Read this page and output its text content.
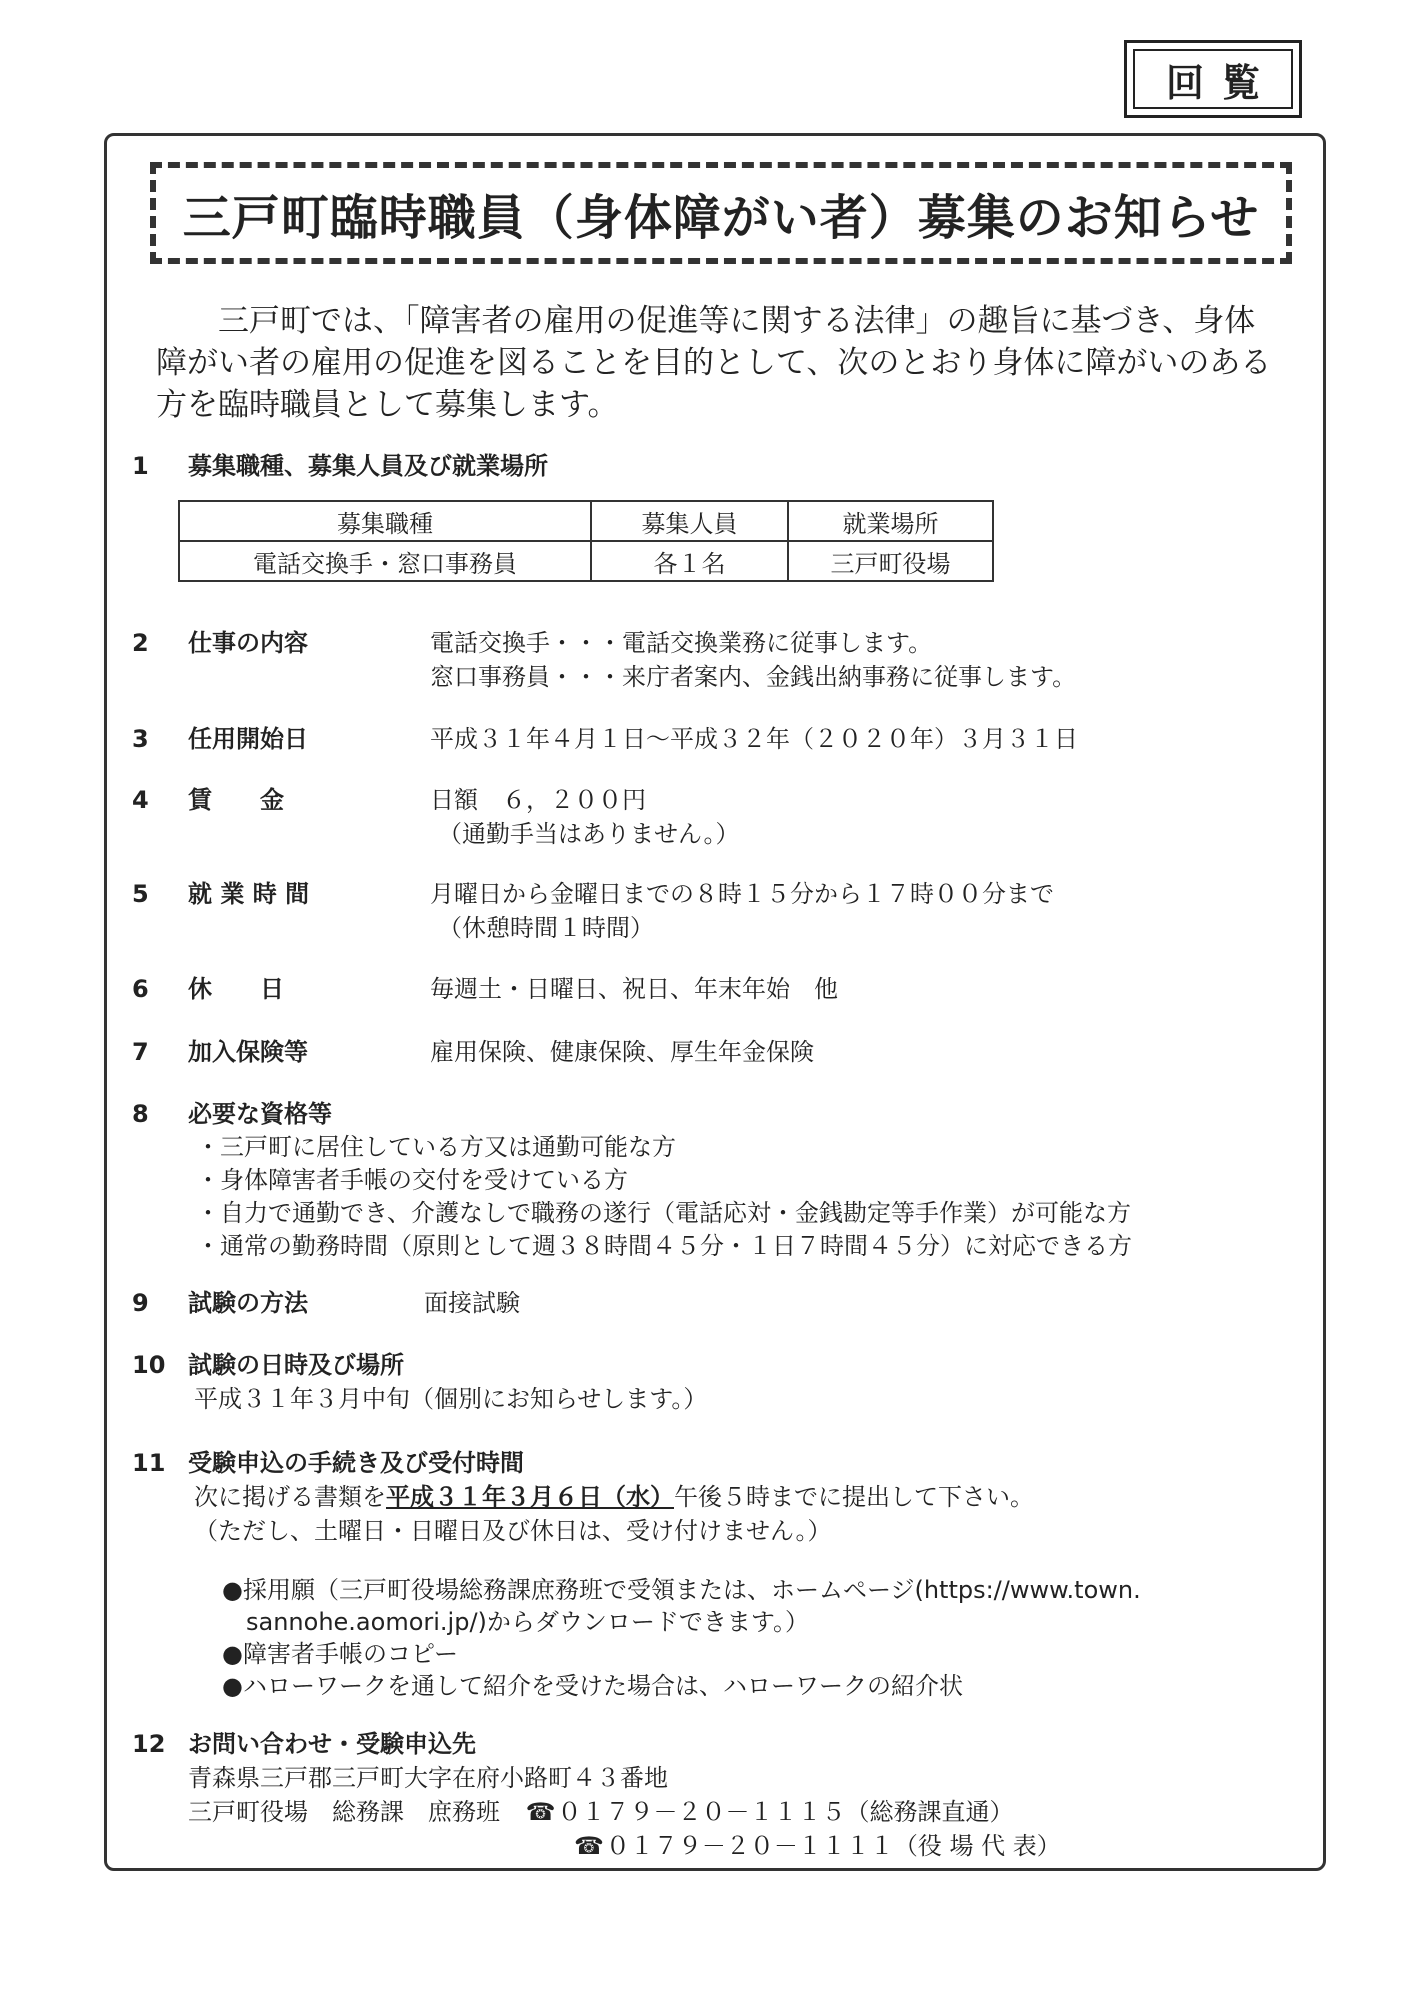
回覧
三戸町臨時職員（身体障がい者）募集のお知らせ

三戸町では、「障害者の雇用の促進等に関する法律」の趣旨に基づき、身体障がい者の雇用の促進を図ることを目的として、次のとおり身体に障がいのある方を臨時職員として募集します。

1	募集職種、募集人員及び就業場所
募集職種	募集人員	就業場所
電話交換手・窓口事務員	各１名	三戸町役場
2	仕事の内容	電話交換手・・・電話交換業務に従事します。
窓口事務員・・・来庁者案内、金銭出納事務に従事します。
3	任用開始日	平成３１年４月１日～平成３２年（２０２０年）３月３１日
4	賃　　金	日額　６，２００円
（通勤手当はありません。）
5	就 業 時 間	月曜日から金曜日までの８時１５分から１７時００分まで
（休憩時間１時間）
6	休　　日	毎週土・日曜日、祝日、年末年始　他
7	加入保険等	雇用保険、健康保険、厚生年金保険
8	必要な資格等
・三戸町に居住している方又は通勤可能な方
・身体障害者手帳の交付を受けている方
・自力で通勤でき、介護なしで職務の遂行（電話応対・金銭勘定等手作業）が可能な方
・通常の勤務時間（原則として週３８時間４５分・１日７時間４５分）に対応できる方
9	試験の方法	面接試験
10 試験の日時及び場所
平成３１年３月中旬（個別にお知らせします。）
11 受験申込の手続き及び受付時間
次に掲げる書類を平成３１年３月６日（水）午後５時までに提出して下さい。
（ただし、土曜日・日曜日及び休日は、受け付けません。）
●採用願（三戸町役場総務課庶務班で受領または、ホームページ(https://www.town.
sannohe.aomori.jp/)からダウンロードできます。）
●障害者手帳のコピー
●ハローワークを通して紹介を受けた場合は、ハローワークの紹介状
12 お問い合わせ・受験申込先
青森県三戸郡三戸町大字在府小路町４３番地
三戸町役場　総務課　庶務班 ☎０１７９－２０－１１１５（総務課直通）
☎０１７９－２０－１１１１（役 場 代 表）
